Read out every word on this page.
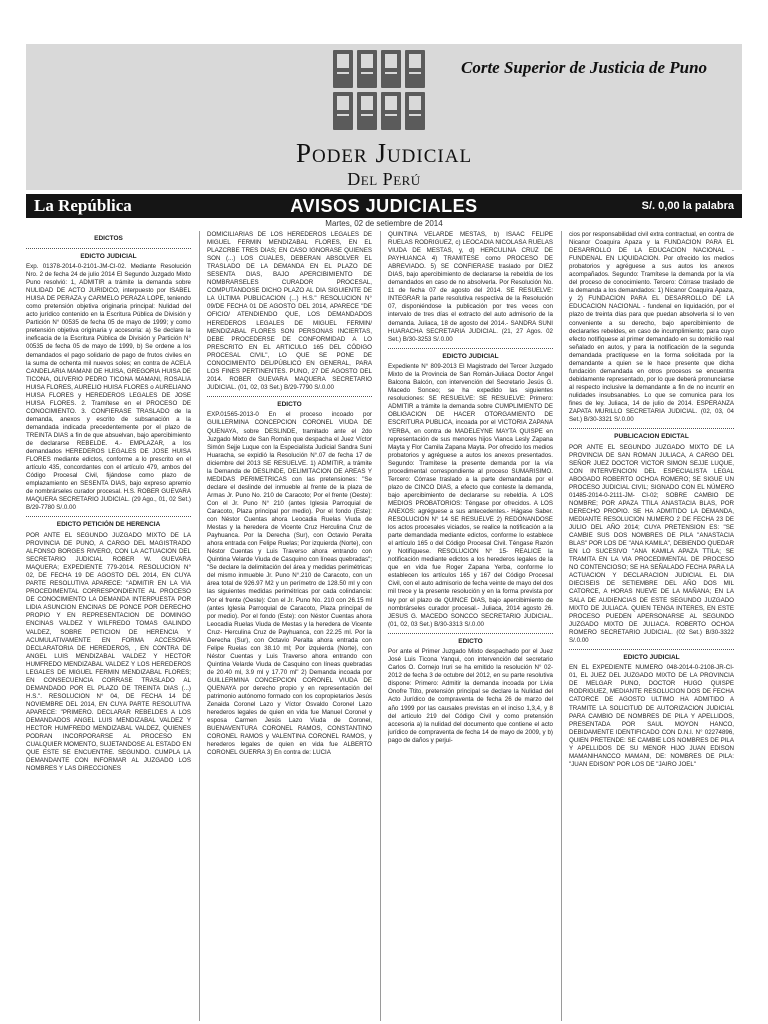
Corte Superior de Justicia de Puno
Poder Judicial
Del Perú
La República	AVISOS JUDICIALES	S/. 0,00 la palabra
Martes, 02 de setiembre de 2014
EDICTOS
EDICTO JUDICIAL
Exp. 01378-2014-0-2101-JM-CI-02. Mediante Resolución Nro. 2 de fecha 24 de julio 2014 El Segundo Juzgado Mixto Puno resolvió: 1, ADMITIR a trámite la demanda sobre NULIDAD DE ACTO JURIDICO, interpuesto por ISABEL HUISA DE PERAZA y CARMELO PERAZA LOPE, teniendo como pretensión objetiva originaria principal: Nulidad del acto jurídico contenido en la Escritura Pública de División y Partición N° 00535 de fecha 05 de mayo de 1999; y como pretensión objetiva originaria y accesoria: a) Se declare la ineficacia de la Escritura Pública de División y Partición N° 00535 de fecha 05 de mayo de 1999, b) Se ordene a los demandados el pago solidario de pago de frutos civiles en la suma de ochenta mil nuevos soles; en contra de ACELA CANDELARIA MAMANI DE HUISA, GREGORIA HUISA DE TICONA, OLIVERIO PEDRO TICONA MAMANI, ROSALIA HUISA FLORES, AURELIO HUISA FLORES o AURELIANO HUISA FLORES y HEREDEROS LEGALES DE JOSE HUISA FLORES. 2. Tramítese en el PROCESO DE CONOCIMIENTO. 3. CONFIERASE TRASLADO de la demanda, anexos y escrito de subsanación a la demandada indicada precedentemente por el plazo de TREINTA DIAS a fin de que absuelvan, bajo apercibimiento de declararse REBELDE. 4.- EMPLAZAR, a los demandados HEREDEROS LEGALES DE JOSE HUISA FLORES mediante edictos, conforme a lo prescrito en el artículo 435, concordantes con el artículo 479, ambos del Código Procesal Civil, fijándose como plazo de emplazamiento en SESENTA DIAS, bajo expreso apremio de nombrárseles curador procesal. H.S. ROBER GUEVARA MAQUERA SECRETARIO JUDICIAL. (29 Ago., 01, 02 Set.) B/29-7780 S/.0.00
EDICTO PETICIÓN DE HERENCIA
POR ANTE EL SEGUNDO JUZGADO MIXTO DE LA PROVINCIA DE PUNO, A CARGO DEL MAGISTRADO ALFONSO BORGES RIVERO, CON LA ACTUACION DEL SECRETARIO JUDICIAL ROBER W. GUEVARA MAQUERA; EXPEDIENTE 779-2014. RESOLUCION N° 02, DE FECHA 19 DE AGOSTO DEL 2014, EN CUYA PARTE RESOLUTIVA APARECE: "ADMITIR EN LA VIA PROCEDIMENTAL CORRESPONDIENTE AL PROCESO DE CONOCIMIENTO LA DEMANDA INTERPUESTA POR LIDIA ASUNCION ENCINAS DE PONCE POR DERECHO PROPIO Y EN REPRESENTACION DE DOMINGO ENCINAS VALDEZ Y WILFREDO TOMAS GALINDO VALDEZ, SOBRE PETICION DE HERENCIA Y ACUMULATIVAMENTE EN FORMA ACCESORIA DECLARATORIA DE HEREDEROS, , EN CONTRA DE ANGEL LUIS MENDIZABAL VALDEZ Y HECTOR HUMFREDO MENDIZABAL VALDEZ Y LOS HEREDEROS LEGALES DE MIGUEL FERMIN MENDIZABAL FLORES; EN CONSECUENCIA CORRASE TRASLADO AL DEMANDADO POR EL PLAZO DE TREINTA DIAS (...) H.S.". RESOLUCION N° 04, DE FECHA 14 DE NOVIEMBRE DEL 2014, EN CUYA PARTE RESOLUTIVA APARECE: "PRIMERO. DECLARAR REBELDES A LOS DEMANDADOS ANGEL LUIS MENDIZABAL VALDEZ Y HECTOR HUMFREDO MENDIZABAL VALDEZ, QUIENES PODRAN INCORPORARSE AL PROCESO EN CUALQUIER MOMENTO, SUJETANDOSE AL ESTADO EN QUE ESTE SE ENCUENTRE. SEGUNDO. CUMPLA LA DEMANDANTE CON INFORMAR AL JUZGADO LOS NOMBRES Y LAS DIRECCIONES
DOMICILIARIAS DE LOS HEREDEROS LEGALES DE MIGUEL FERMIN MENDIZABAL FLORES, EN EL PLAZCRBE TRES DIAS; EN CASO IGNORASE QUIENES SON (...) LOS CUALES, DEBERAN ABSOLVER EL TRASLADO DE LA DEMANDA EN EL PLAZO DE SESENTA DIAS, BAJO APERCIBIMIENTO DE NOMBRARSELES CURADOR PROCESAL, COMPUTANDOSE DICHO PLAZO AL DIA SIGUIENTE DE LA ÚLTIMA PUBLICACION (...) H.S." RESOLUCION N° 09/DE FECHA 01 DE AGOSTO DEL 2014, APARECE "DE OFICIO/ ATENDIENDO QUE, LOS DEMANDADOS HEREDEROS LEGALES DE MIGUEL FERMIN/ MENDIZABAL FLORES SON PERSONAS INCIERTAS, DEBE PROCEDERSE DE CONFORMIDAD A LO PRESCRITO EN EL ARTICULO 165 DEL CÓDIGO PROCESAL CIVIL", LO QUE SE PONE DE CONOCIMIENTO DEL/PÚBLICO EN GENERAL, PARA LOS FINES PERTINENTES. PUNO, 27 DE AGOSTO DEL 2014. ROBER GUEVARA MAQUERA SECRETARIO JUDICIAL. (01, 02, 03 Set.) B/29-7790 S/.0.00
EDICTO
EXP.01565-2013-0 En el proceso incoado por GUILLERMINA CONCEPCION CORONEL VIUDA DE QUENAYA, sobre DESLINDE, tramitado ante el 2do Juzgado Mixto de San Román que despacha el Juez Víctor Simón Sejje Luque con la Especialista Judicial Sandra Suni Huaracha, se expidió la Resolución N°.07 de fecha 17 de diciembre del 2013 SE RESUELVE. 1) ADMITIR, a trámite la Demanda de DESLINDE, DELIMITACION DE AREAS Y MEDIDAS PERIMETRICAS con las pretensiones: "Se declare el deslinde del inmueble al frente de la plaza de Armas Jr. Puno No. 210 de Caracoto; Por el frente (Oeste): Con el Jr. Puno N° 210 (antes Iglesia Parroquial de Caracoto, Plaza principal por medio). Por el fondo (Este): con Néstor Cuentas ahora Leocadia Ruelas Viuda de Mestas y la heredera de Vicente Cruz Herculina Cruz de Payhuanca. Por la Derecha (Sur), con Octavio Peralta ahora entrada con Felipe Ruelas; Por izquierda (Norte), con Néstor Cuentas y Luis Traverso ahora entrando con Quintina Velarde Viuda de Casquino con líneas quebradas"; "Se declare la delimitación del área y medidas perimétricas del mismo inmueble Jr. Puno N°.210 de Caracoto, con un área total de 926.97 M2 y un perímetro de 128.50 ml y con las siguientes medidas perimétricas por cada colindancia: Por el frente (Oeste): Con el Jr. Puno No. 210 con 26.15 ml (antes Iglesia Parroquial de Caracoto, Plaza principal de por medio). Por el fondo (Este): con Néstor Cuentas ahora Leocadia Ruelas Viuda de Mestas y la heredera de Vicente Cruz- Herculina Cruz de Payhuanca, con 22.25 ml. Por la Derecha (Sur), con Octavio Peralta ahora entrada con Felipe Ruelas con 38.10 ml; Por izquierda (Norte), con Néstor Cuentas y Luis Traverso ahora entrando con Quintina Velarde Viuda de Casquino con líneas quebradas de 20.40 ml, 3.9 ml y 17.70 ml" 2) Demanda incoada por GUILLERMINA CONCEPCION CORONEL VIUDA DE QUENAYA por derecho propio y en representación del patrimonio autónomo formado con los copropietarios Jesús Zenaida Coronel Lazo y Víctor Osvaldo Coronel Lazo herederos legales de quien en vida fue Manuel Coronel y esposa Carmen Jesús Lazo Viuda de Coronel, BUENAVENTURA CORONEL RAMOS, CONSTANTINO CORONEL RAMOS y VALENTINA CORONEL RAMOS, y herederos legales de quien en vida fue ALBERTO CORONEL GUERRA 3) En contra de: LUCIA
QUINTINA VELARDE MESTAS, b) ISAAC FELIPE RUELAS RODRIGUEZ, c) LEOCADIA NICOLASA RUELAS VIUDA DE MESTAS, y, d) HERCULINA CRUZ DE PAYHUANCA 4) TRAMITESE como PROCESO DE ABREVIADO. 5) SE CONFIERASE traslado por DIEZ DIAS, bajo apercibimiento de declararse la rebeldía de los demandados en caso de no absolverla. Por Resolución No. 11 de fecha 07 de agosto del 2014. SE RESUELVE: INTEGRAR la parte resolutiva respectiva de la Resolución 07, disponiéndose la publicación por tres veces con intervalo de tres días el extracto del auto admisorio de la demanda. Juliaca, 18 de agosto del 2014.- SANDRA SUNI HUARACHA SECRETARIA JUDICIAL. (21, 27 Agos. 02 Set.) B/30-3253 S/.0.00
EDICTO JUDICIAL
Expediente N° 809-2013 El Magistrado del Tercer Juzgado Mixto de la Provincia de San Román-Juliaca Doctor Angel Balcona Balcón, con intervención del Secretario Jesús G. Macedo Sonceo; se ha expedido las siguientes resoluciones: SE RESUELVE: SE RESUELVE: Primero: ADMITIR a trámite la demanda sobre CUMPLIMIENTO DE OBLIGACION DE HACER OTORGAMIENTO DE ESCRITURA PUBLICA, incoada por el VICTORIA ZAPANA YERBA, en contra de MADELEYNE MAYTA QUISPE en representación de sus menores hijos Vianca Lesly Zapana Mayta y Flor Camila Zapana Mayta. Por ofrecido los medios probatorios y agréguese a autos los anexos presentados. Segundo: Tramítese la presente demanda por la vía procedimental correspondiente al proceso SUMARISIMO. Tercero: Córrase traslado a la parte demandada por el plazo de CINCO DIAS, a efecto que conteste la demanda, bajo apercibimiento de declararse su rebeldía. A LOS MEDIOS PROBATORIOS: Téngase por ofrecidos. A LOS ANEXOS: agréguese a sus antecedentes.- Hágase Saber. RESOLUCION N° 14 SE RESUELVE 2) REDONANDOSE los actos procesales viciados, se realice la notificación a la parte demandada mediante edictos, conforme lo establece el artículo 165 o del Código Procesal Civil. Téngase Razón y Notifíquese. RESOLUCION N° 15- REALICE la notificación mediante edictos a los herederos legales de la que en vida fue Roger Zapana Yerba, conforme lo establecen los artículos 165 y 167 del Código Procesal Civil, con el auto admisorio de fecha veinte de mayo del dos mil trece y la presente resolución y en la forma prevista por ley por el plazo de QUINCE DIAS, bajo apercibimiento de nombrárseles curador procesal.- Juliaca, 2014 agosto 26. JESUS G. MACEDO SONCCO SECRETARIO JUDICIAL. (01, 02, 03 Set.) B/30-3313 S/.0.00
EDICTO
Por ante el Primer Juzgado Mixto despachado por el Juez José Luis Ticona Yanqui, con intervención del secretario Carlos O. Cornejo Iruri se ha emitido la resolución N° 02-2012 de fecha 3 de octubre del 2012, en su parte resolutiva dispone: Primero: Admitir la demanda incoada por Livia Onofre Ttito, pretensión principal se declare la Nulidad del Acto Jurídico de compraventa de fecha 26 de marzo del año 1999 por las causales previstas en el inciso 1,3,4, y 8 del artículo 219 del Código Civil y como pretensión accesoria a) la nulidad del documento que contiene el acto jurídico de compraventa de fecha 14 de mayo de 2009, y b) pago de daños y perjui-
cios por responsabilidad civil extra contractual, en contra de Nicanor Coaquira Apaza y la FUNDACION PARA EL DESARROLLO DE LA EDUCACION NACIONAL - FUNDENAL EN LIQUIDACION. Por ofrecido los medios probatorios y agréguese a sus autos los anexos acompañados. Segundo: Tramítese la demanda por la vía del proceso de conocimiento. Tercero: Córrase traslado de la demanda a los demandados: 1) Nicanor Coaquira Apaza, y 2) FUNDACION PARA EL DESARROLLO DE LA EDUCACION NACIONAL - fundenal en liquidación, por el plazo de treinta días para que puedan absolverla si lo ven conveniente a su derecho, bajo apercibimiento de declararles rebeldes, en caso de incumplimiento; para cuyo efecto notifíquese al primer demandado en su domicilio real señalado en autos, y para la notificación de la segunda demandada practíquese en la forma solicitada por la demandante a quien se le hace presente que dicha fundación demandada en otros procesos se encuentra debidamente representado, por lo que deberá pronunciarse al respecto inclusive la demandante a fin de no incurrir en nulidades insubsanables. Lo que se comunica para los fines de ley. Juliaca, 14 de julio de 2014. ESPERANZA ZAPATA MURILLO SECRETARIA JUDICIAL. (02, 03, 04 Set.) B/30-3321 S/.0.00
PUBLICACION EDICTAL
POR ANTE EL SEGUNDO JUZGADO MIXTO DE LA PROVINCIA DE SAN ROMAN JULIACA, A CARGO DEL SEÑOR JUEZ DOCTOR VICTOR SIMON SEJJE LUQUE, CON INTERVENCION DEL ESPECIALISTA LEGAL ABOGADO ROBERTO OCHOA ROMERO; SE SIGUE UN PROCESO JUDICIAL CIVIL; SIGNADO CON EL NÚMERO 01485-2014-0-2111-JM- CI-02; SOBRE CAMBIO DE NOMBRE; POR APAZA TTILA ANASTACIA BLAS, POR DERECHO PROPIO. SE HA ADMITIDO LA DEMANDA, MEDIANTE RESOLUCION NUMERO 2 DE FECHA 23 DE JULIO DEL AÑO 2014; CUYA PRETENSION ES: "SE CAMBIE SUS DOS NOMBRES DE PILA "ANASTACIA BLAS" POR LOS DE "ANA KAMILA", DEBIENDO QUEDAR EN LO SUCESIVO "ANA KAMILA APAZA TTILA; SE TRAMITA EN LA VIA PROCEDIMENTAL DE PROCESO NO CONTENCIOSO; SE HA SEÑALADO FECHA PARA LA ACTUACION Y DECLARACION JUDICIAL EL DIA DIECISEIS DE SETIEMBRE DEL AÑO DOS MIL CATORCE, A HORAS NUEVE DE LA MAÑANA; EN LA SALA DE AUDIENCIAS DE ESTE SEGUNDO JUZGADO MIXTO DE JULIACA. QUIEN TENGA INTERES, EN ESTE PROCESO PUEDEN APERSONARSE AL SEGUNDO JUZGADO MIXTO DE JULIACA. ROBERTO OCHOA ROMERO SECRETARIO JUDICIAL. (02 Set.) B/30-3322 S/.0.00
EDICTO JUDICIAL
EN EL EXPEDIENTE NUMERO 048-2014-0-2108-JR-CI-01, EL JUEZ DEL JUZGADO MIXTO DE LA PROVINCIA DE MELGAR PUNO, DOCTOR HUGO QUISPE RODRIGUEZ, MEDIANTE RESOLUCION DOS DE FECHA CATORCE DE AGOSTO ULTIMO HA ADMITIDO A TRAMITE LA SOLICITUD DE AUTORIZACION JUDICIAL PARA CAMBIO DE NOMBRES DE PILA Y APELLIDOS, PRESENTADA POR SAUL MOYON HANCO, DEBIDAMENTE IDENTIFICADO CON D.N.I. N° 02274896, QUIEN PRETENDE: SE CAMBIE LOS NOMBRES DE PILA Y APELLIDOS DE SU MENOR HIJO JUAN EDISON MAMANIHANCCO MAMANI, DE: NOMBRES DE PILA: "JUAN EDISON" POR LOS DE "JAIRO JOEL"
